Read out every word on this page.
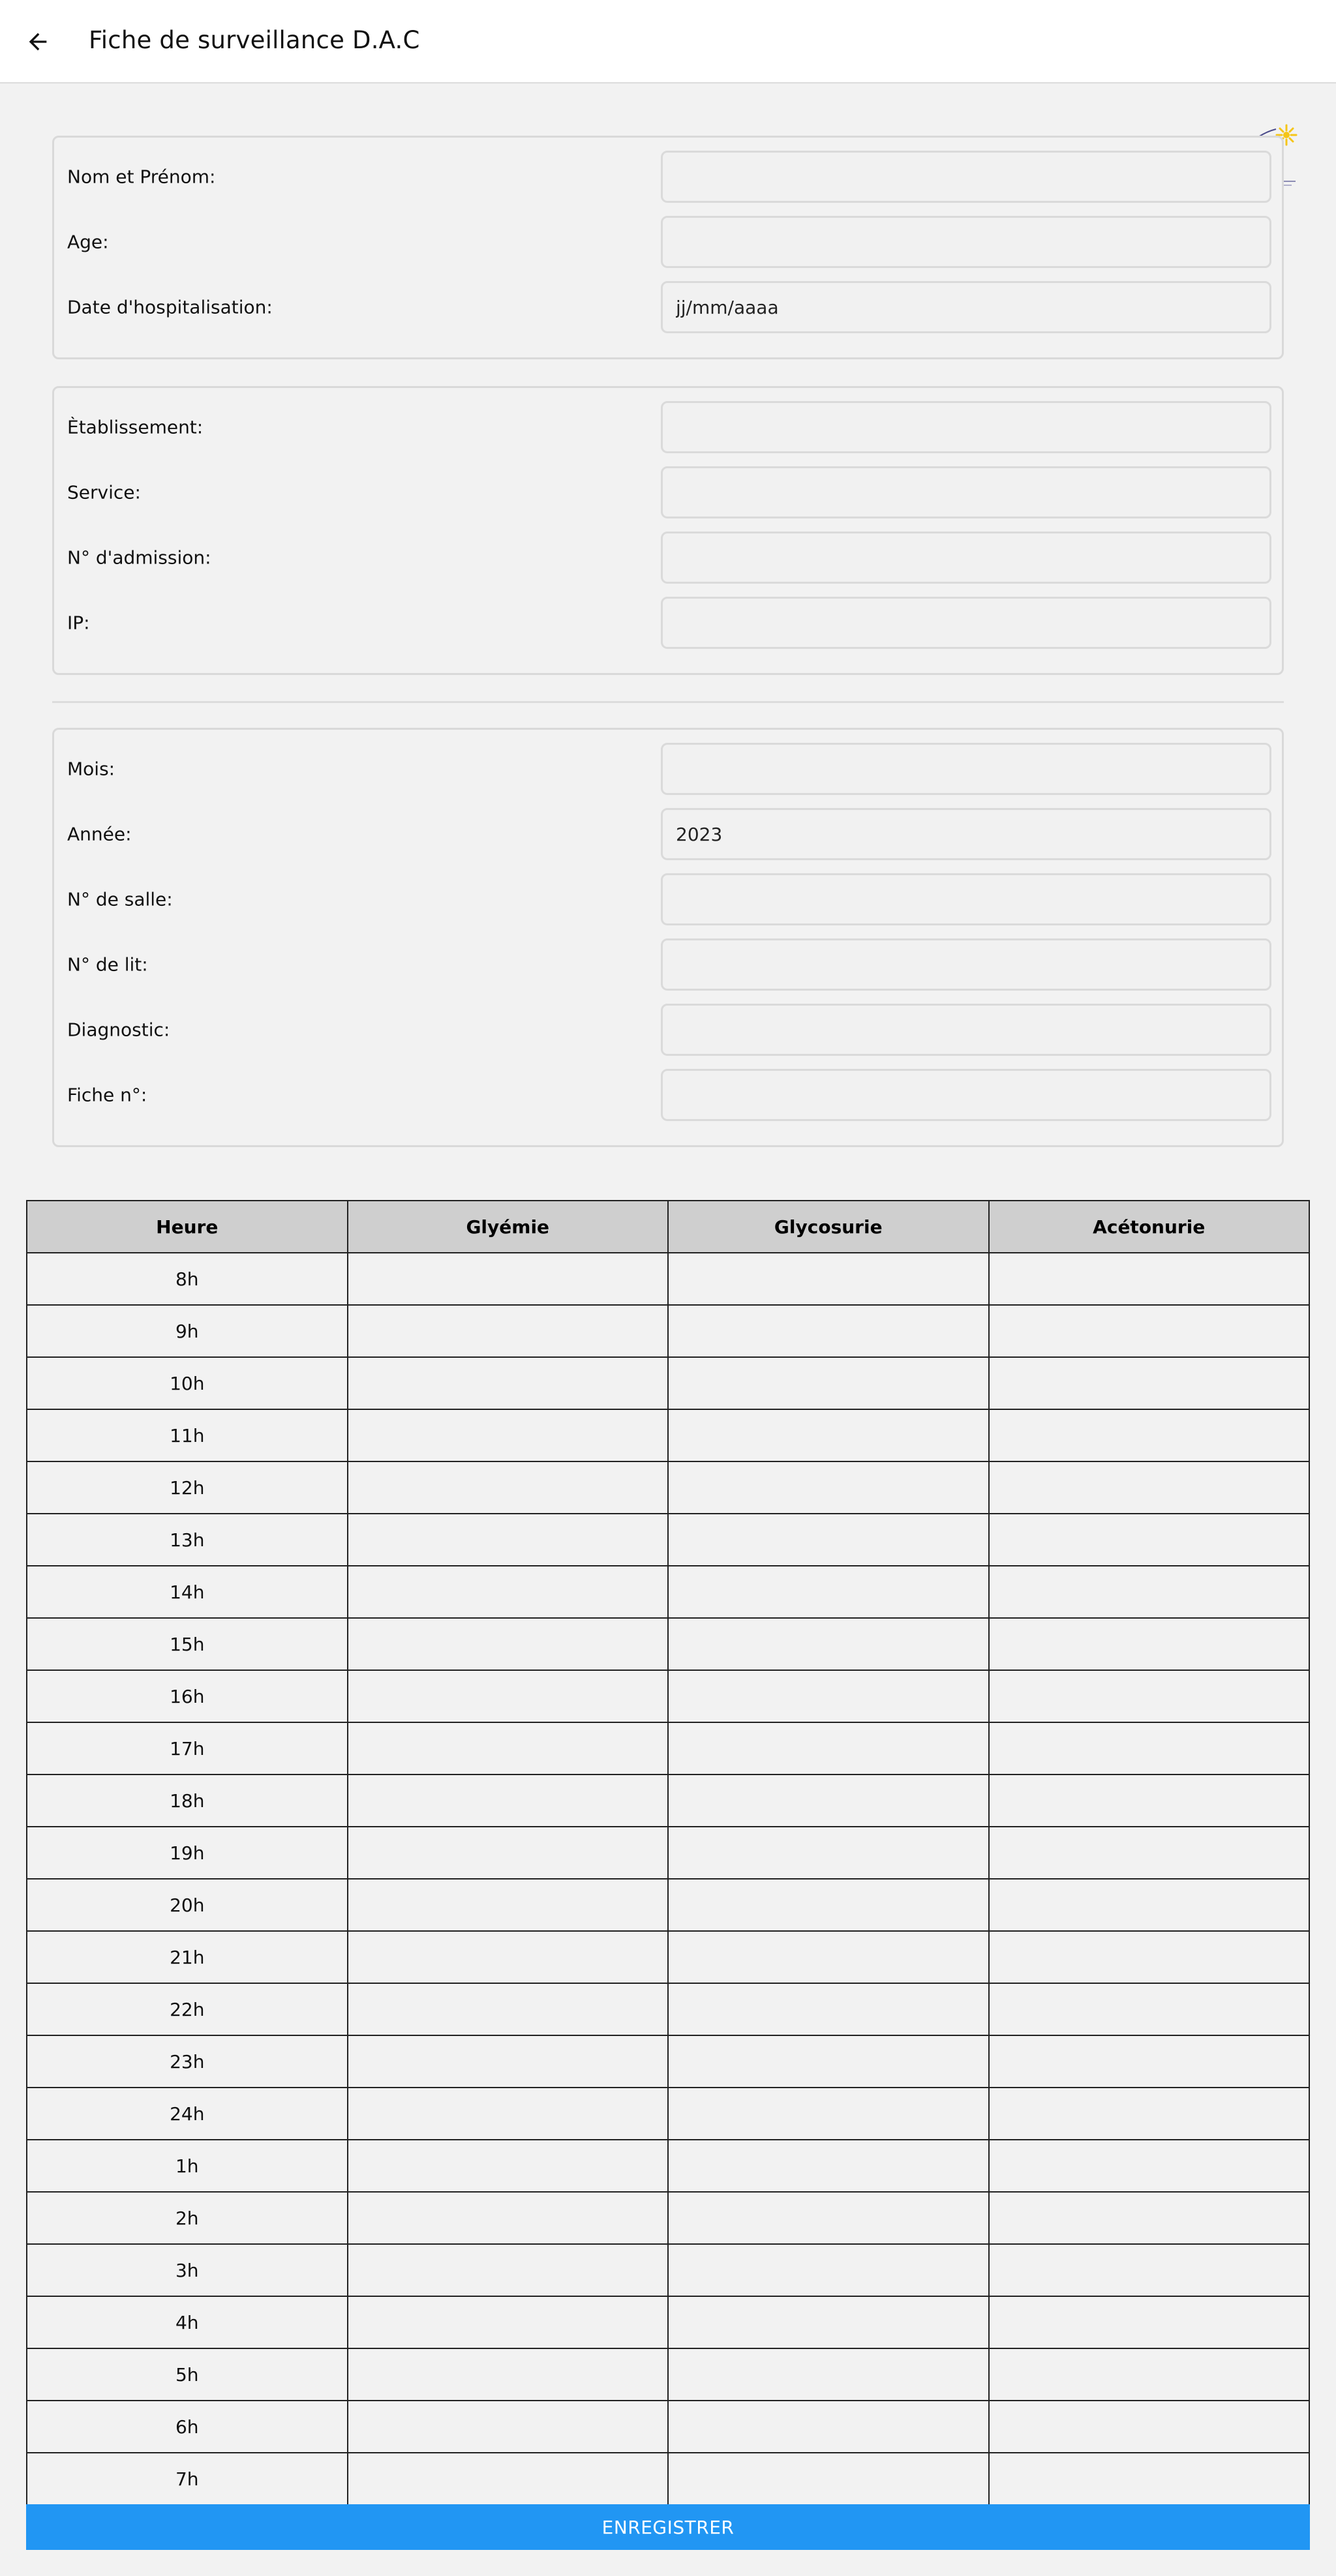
Fiche de surveillance D.A.C
Nom et Prénom:
Age:
Date d'hospitalisation:
jj/mm/aaaa
Ètablissement:
Service:
N° d'admission:
IP:
Mois:
Année:
2023
N° de salle:
N° de lit:
Diagnostic:
Fiche n°:
Heure	Glyémie	Glycosurie	Acétonurie
8h			
9h			
10h			
11h			
12h			
13h			
14h			
15h			
16h			
17h			
18h			
19h			
20h			
21h			
22h			
23h			
24h			
1h			
2h			
3h			
4h			
5h			
6h			
7h			
ENREGISTRER
